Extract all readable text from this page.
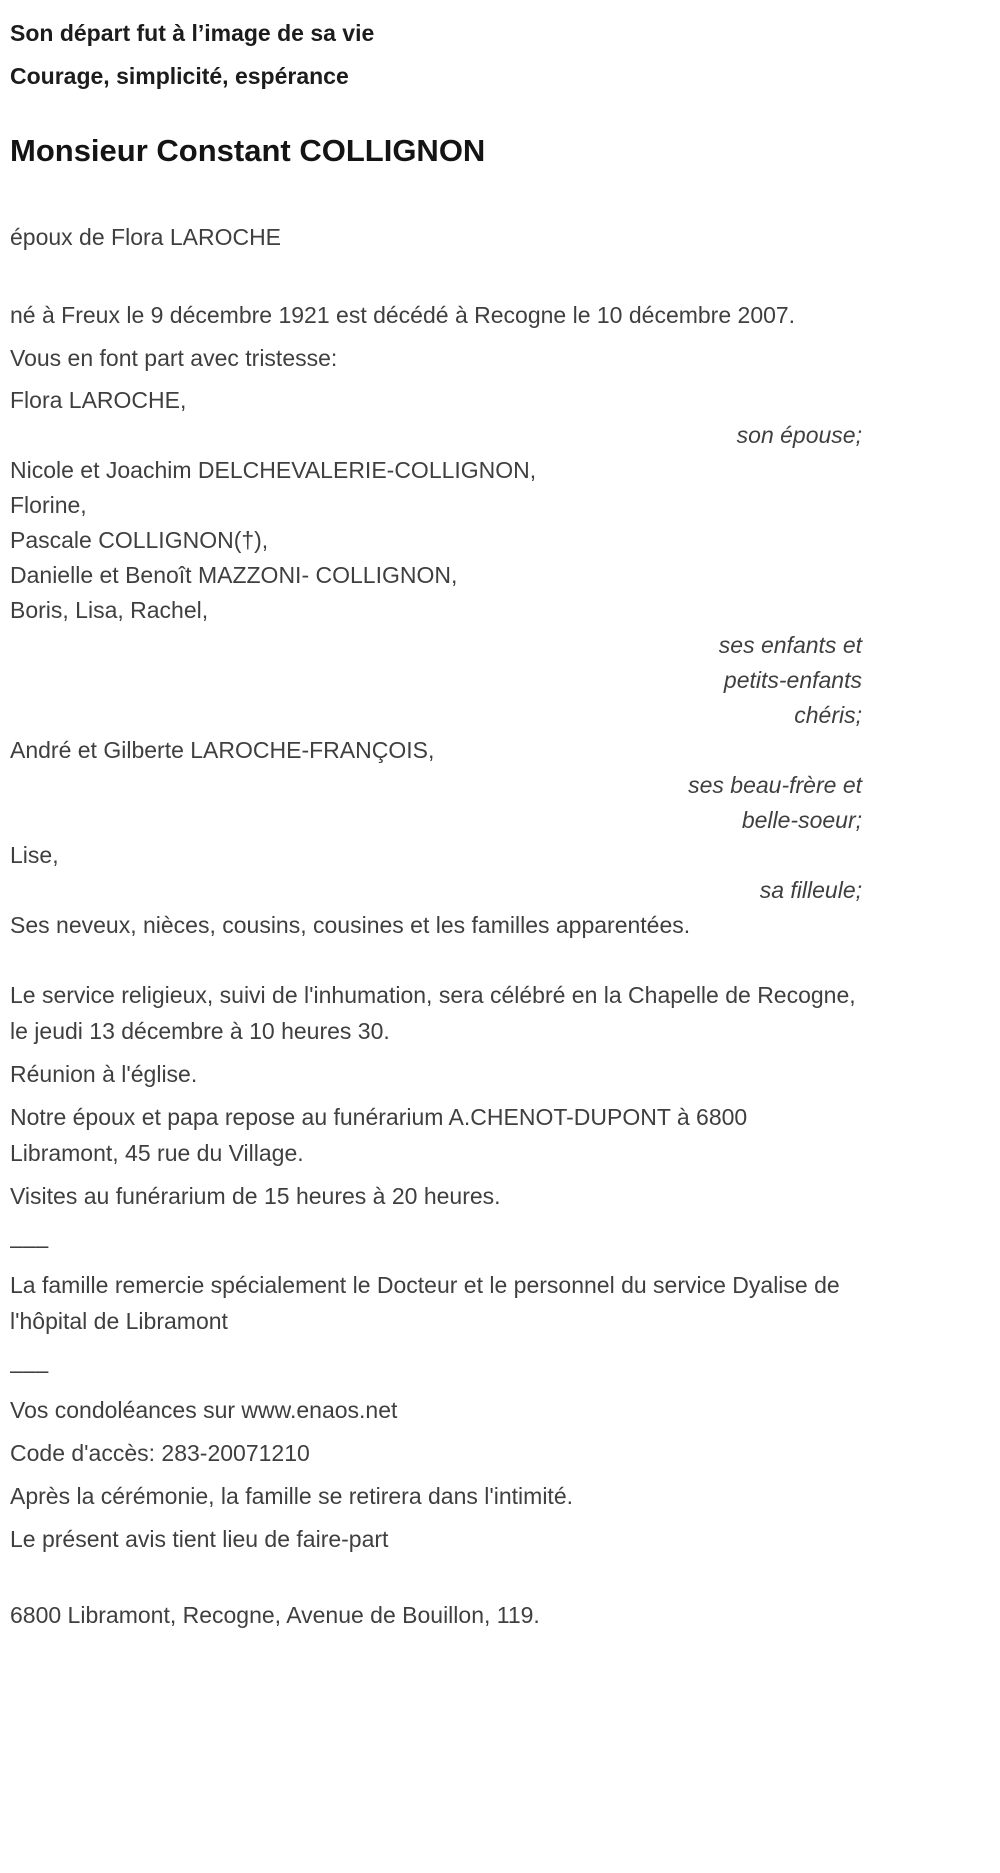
Son départ fut à l’image de sa vie

Courage, simplicité, espérance

Monsieur Constant COLLIGNON

époux de Flora LAROCHE

né à Freux le 9 décembre 1921 est décédé à Recogne le 10 décembre 2007.

Vous en font part avec tristesse:

Flora LAROCHE,

son épouse;

Nicole et Joachim DELCHEVALERIE-COLLIGNON,

Florine,

Pascale COLLIGNON(†),

Danielle et Benoît MAZZONI- COLLIGNON,

Boris, Lisa, Rachel,

ses enfants et

petits-enfants

chéris;

André et Gilberte LAROCHE-FRANÇOIS,

ses beau-frère et

belle-soeur;

Lise,

sa filleule;

Ses neveux, nièces, cousins, cousines et les familles apparentées.

Le service religieux, suivi de l'inhumation, sera célébré en la Chapelle de Recogne, le jeudi 13 décembre à 10 heures 30.

Réunion à l'église.

Notre époux et papa repose au funérarium A.CHENOT-DUPONT à 6800 Libramont, 45 rue du Village.

Visites au funérarium de 15 heures à 20 heures.

–––

La famille remercie spécialement le Docteur et le personnel du service Dyalise de l'hôpital de Libramont

–––

Vos condoléances sur www.enaos.net

Code d'accès: 283-20071210

Après la cérémonie, la famille se retirera dans l'intimité.

Le présent avis tient lieu de faire-part

6800 Libramont, Recogne, Avenue de Bouillon, 119.
